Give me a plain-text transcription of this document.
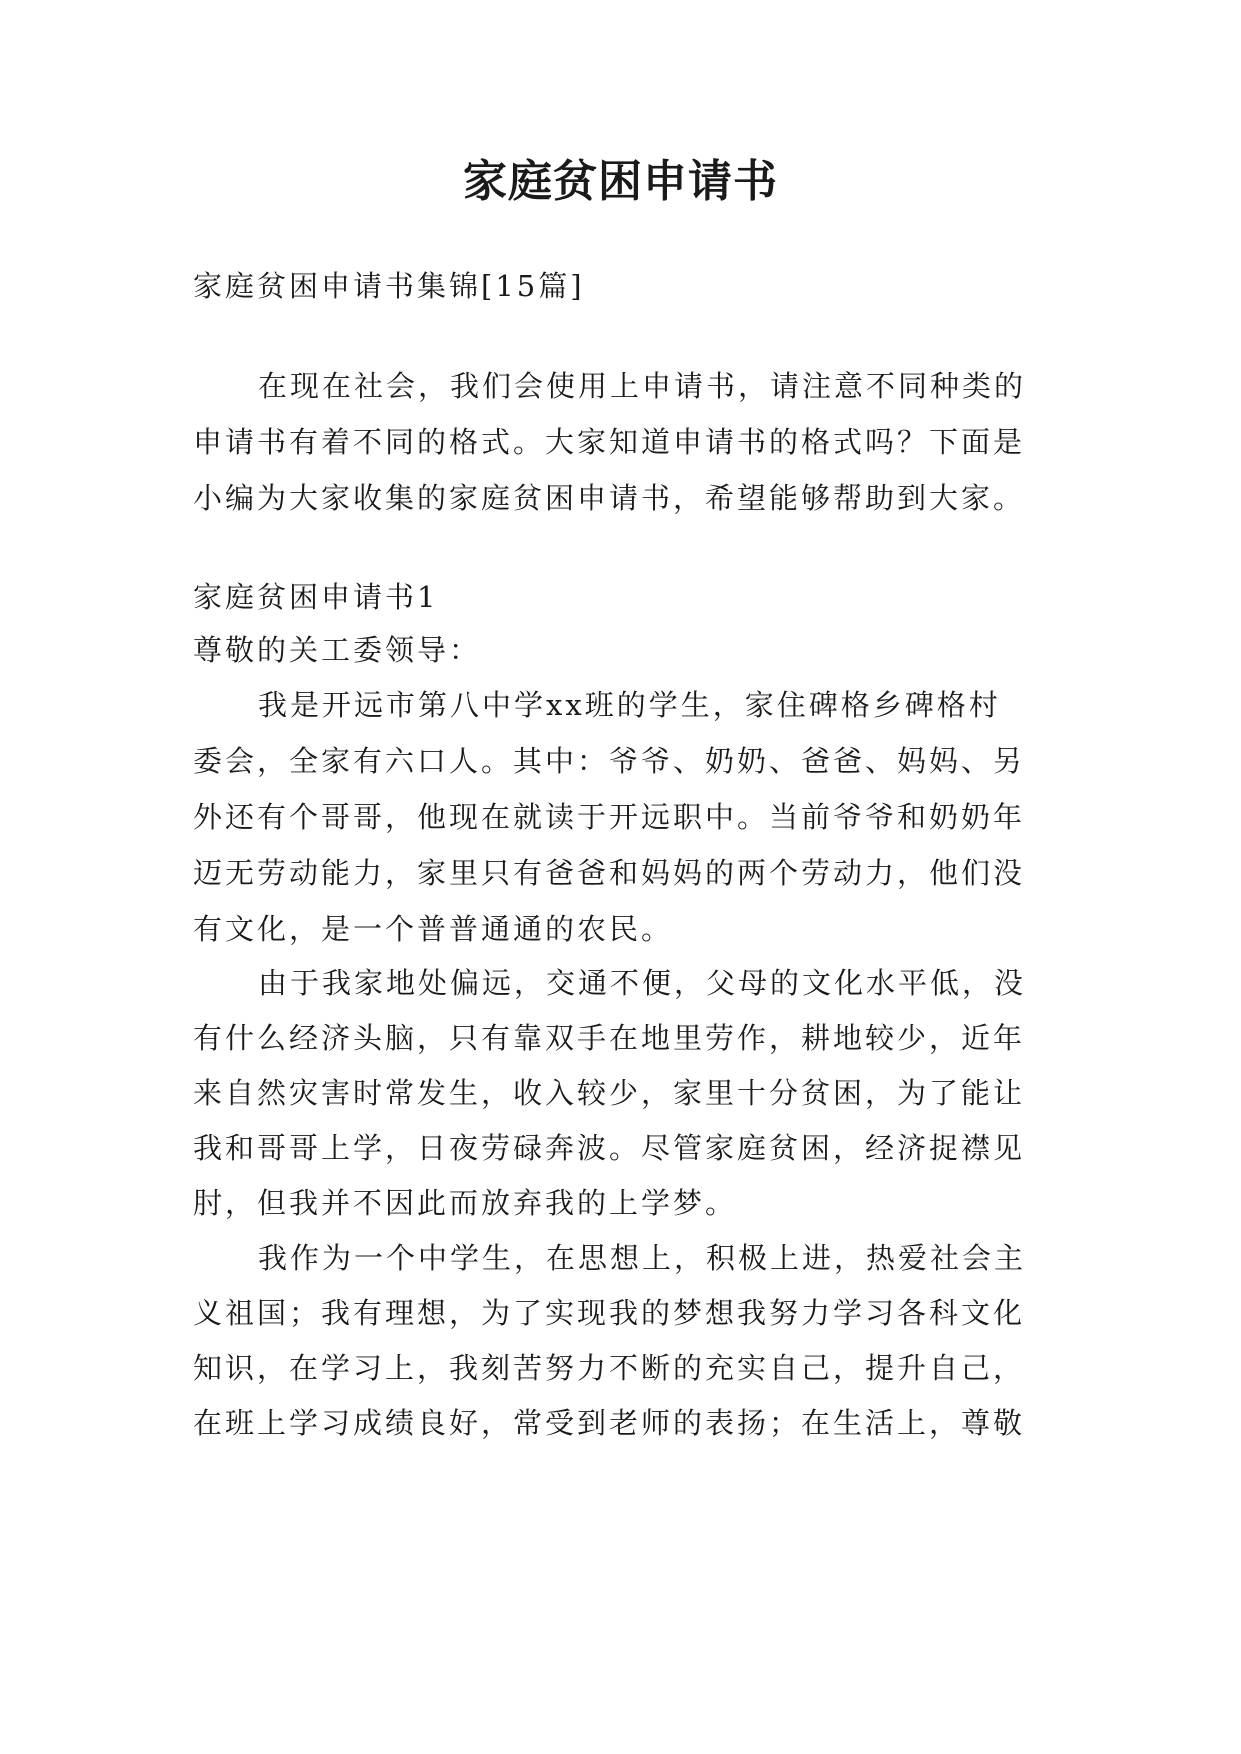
家庭贫困申请书
家庭贫困申请书集锦[15篇]
在现在社会，我们会使用上申请书，请注意不同种类的
申请书有着不同的格式。大家知道申请书的格式吗？下面是
小编为大家收集的家庭贫困申请书，希望能够帮助到大家。
家庭贫困申请书1
尊敬的关工委领导：
我是开远市第八中学xx班的学生，家住碑格乡碑格村
委会，全家有六口人。其中：爷爷、奶奶、爸爸、妈妈、另
外还有个哥哥，他现在就读于开远职中。当前爷爷和奶奶年
迈无劳动能力，家里只有爸爸和妈妈的两个劳动力，他们没
有文化，是一个普普通通的农民。
由于我家地处偏远，交通不便，父母的文化水平低，没
有什么经济头脑，只有靠双手在地里劳作，耕地较少，近年
来自然灾害时常发生，收入较少，家里十分贫困，为了能让
我和哥哥上学，日夜劳碌奔波。尽管家庭贫困，经济捉襟见
肘，但我并不因此而放弃我的上学梦。
我作为一个中学生，在思想上，积极上进，热爱社会主
义祖国；我有理想，为了实现我的梦想我努力学习各科文化
知识，在学习上，我刻苦努力不断的充实自己，提升自己，
在班上学习成绩良好，常受到老师的表扬；在生活上，尊敬
